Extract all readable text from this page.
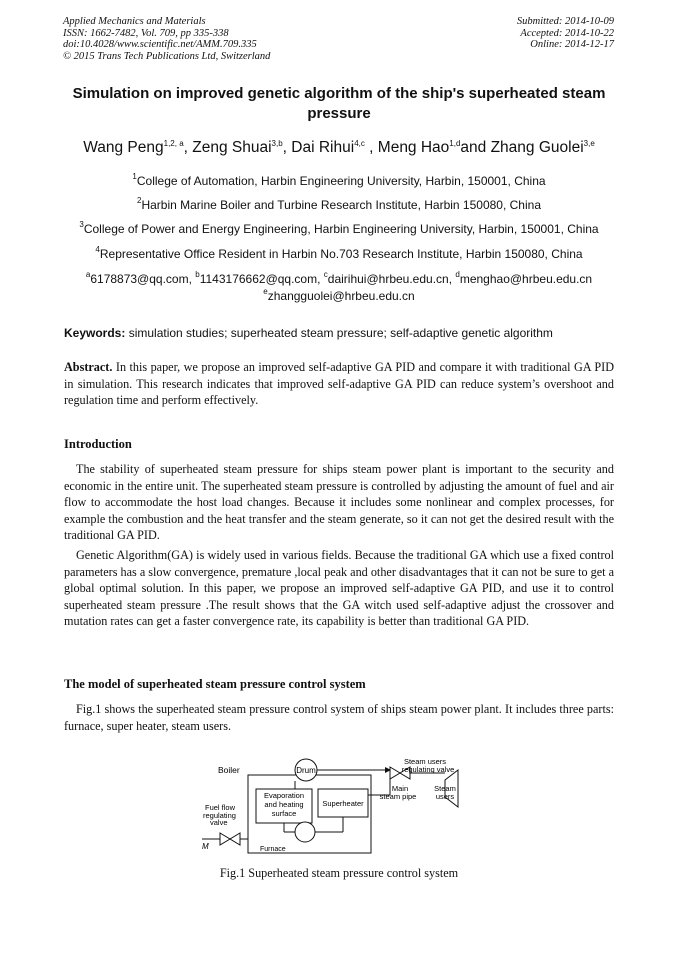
Applied Mechanics and Materials
ISSN: 1662-7482, Vol. 709, pp 335-338
doi:10.4028/www.scientific.net/AMM.709.335
© 2015 Trans Tech Publications Ltd, Switzerland
Submitted: 2014-10-09
Accepted: 2014-10-22
Online: 2014-12-17
Simulation on improved genetic algorithm of the ship's superheated steam pressure
Wang Peng$^{1,2, a}$, Zeng Shuai$^{3,b}$, Dai Rihui$^{4,c}$ , Meng Hao$^{1,d}$and Zhang Guolei$^{3,e}$
$^1$College of Automation, Harbin Engineering University, Harbin, 150001, China
$^2$Harbin Marine Boiler and Turbine Research Institute, Harbin 150080, China
$^3$College of Power and Energy Engineering, Harbin Engineering University, Harbin, 150001, China
$^4$Representative Office Resident in Harbin No.703 Research Institute, Harbin 150080, China
$^a$6178873@qq.com, $^b$1143176662@qq.com, $^c$dairihui@hrbeu.edu.cn, $^d$menghao@hrbeu.edu.cn
$^e$zhangguolei@hrbeu.edu.cn
Keywords: simulation studies; superheated steam pressure; self-adaptive genetic algorithm
Abstract. In this paper, we propose an improved self-adaptive GA PID and compare it with traditional GA PID in simulation. This research indicates that improved self-adaptive GA PID can reduce system’s overshoot and regulation time and perform effectively.
Introduction
The stability of superheated steam pressure for ships steam power plant is important to the security and economic in the entire unit. The superheated steam pressure is controlled by adjusting the amount of fuel and air flow to accommodate the host load changes. Because it includes some nonlinear and complex processes, for example the combustion and the heat transfer and the steam generate, so it can not get the desired result with the traditional GA PID.
Genetic Algorithm(GA) is widely used in various fields. Because the traditional GA which use a fixed control parameters has a slow convergence, premature ,local peak and other disadvantages that it can not be sure to get a global optimal solution. In this paper, we propose an improved self-adaptive GA PID, and use it to control superheated steam pressure .The result shows that the GA witch used self-adaptive adjust the crossover and mutation rates can get a faster convergence rate, its capability is better than traditional GA PID.
The model of superheated steam pressure control system
Fig.1 shows the superheated steam pressure control system of ships steam power plant. It includes three parts: furnace, super heater, steam users.
Boiler	Drum
Evaporation
and heating
surface
Superheater
Steam users
regulating valve
Main
steam pipe
Steam
users
Fuel flow
regulating
valve
M	Furnace
Fig.1 Superheated steam pressure control system
